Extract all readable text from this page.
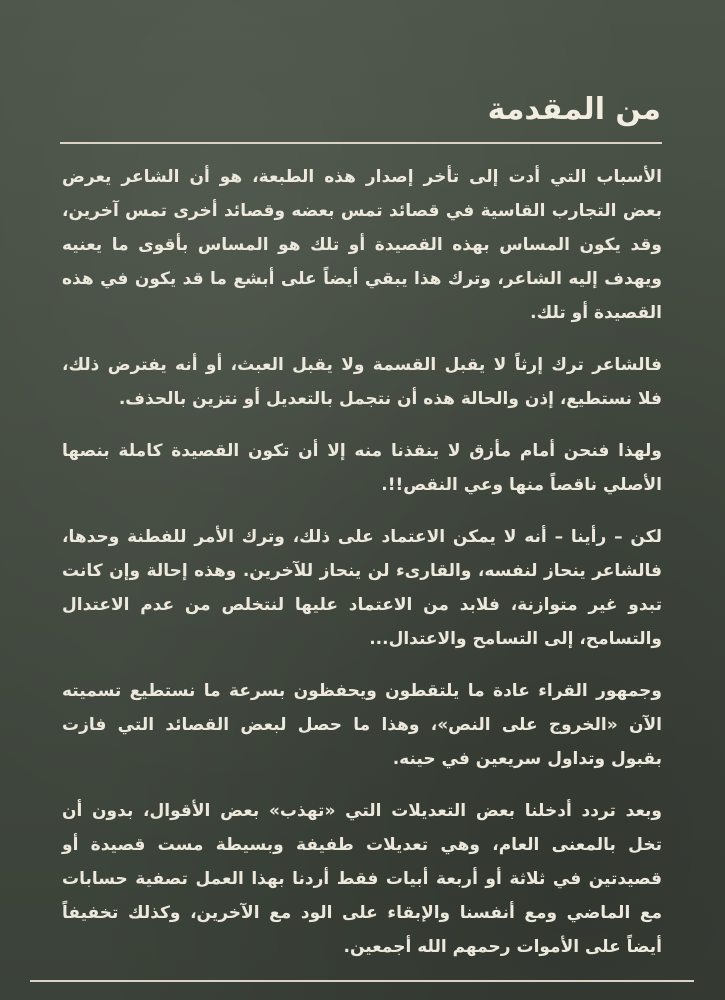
من المقدمة

الأسباب التي أدت إلى تأخر إصدار هذه الطبعة، هو أن الشاعر يعرض بعض التجارب القاسية في قصائد تمس بعضه وقصائد أخرى تمس آخرين، وقد يكون المساس بهذه القصيدة أو تلك هو المساس بأقوى ما يعنيه ويهدف إليه الشاعر، وترك هذا يبقي أيضاً على أبشع ما قد يكون في هذه القصيدة أو تلك.

فالشاعر ترك إرثاً لا يقبل القسمة ولا يقبل العبث، أو أنه يفترض ذلك، فلا نستطيع، إذن والحالة هذه أن نتجمل بالتعديل أو نتزين بالحذف.

ولهذا فنحن أمام مأزق لا ينقذنا منه إلا أن تكون القصيدة كاملة بنصها الأصلي ناقصاً منها وعي النقص!!.

لكن – رأينا – أنه لا يمكن الاعتماد على ذلك، وترك الأمر للفطنة وحدها، فالشاعر ينحاز لنفسه، والقارىء لن ينحاز للآخرين. وهذه إحالة وإن كانت تبدو غير متوازنة، فلابد من الاعتماد عليها لنتخلص من عدم الاعتدال والتسامح، إلى التسامح والاعتدال...

وجمهور القراء عادة ما يلتقطون ويحفظون بسرعة ما نستطيع تسميته الآن «الخروج على النص»، وهذا ما حصل لبعض القصائد التي فازت بقبول وتداول سريعين في حينه.

وبعد تردد أدخلنا بعض التعديلات التي «تهذب» بعض الأقوال، بدون أن تخل بالمعنى العام، وهي تعديلات طفيفة وبسيطة مست قصيدة أو قصيدتين في ثلاثة أو أربعة أبيات فقط أردنا بهذا العمل تصفية حسابات مع الماضي ومع أنفسنا والإبقاء على الود مع الآخرين، وكذلك تخفيفاً أيضاً على الأموات رحمهم الله أجمعين.
